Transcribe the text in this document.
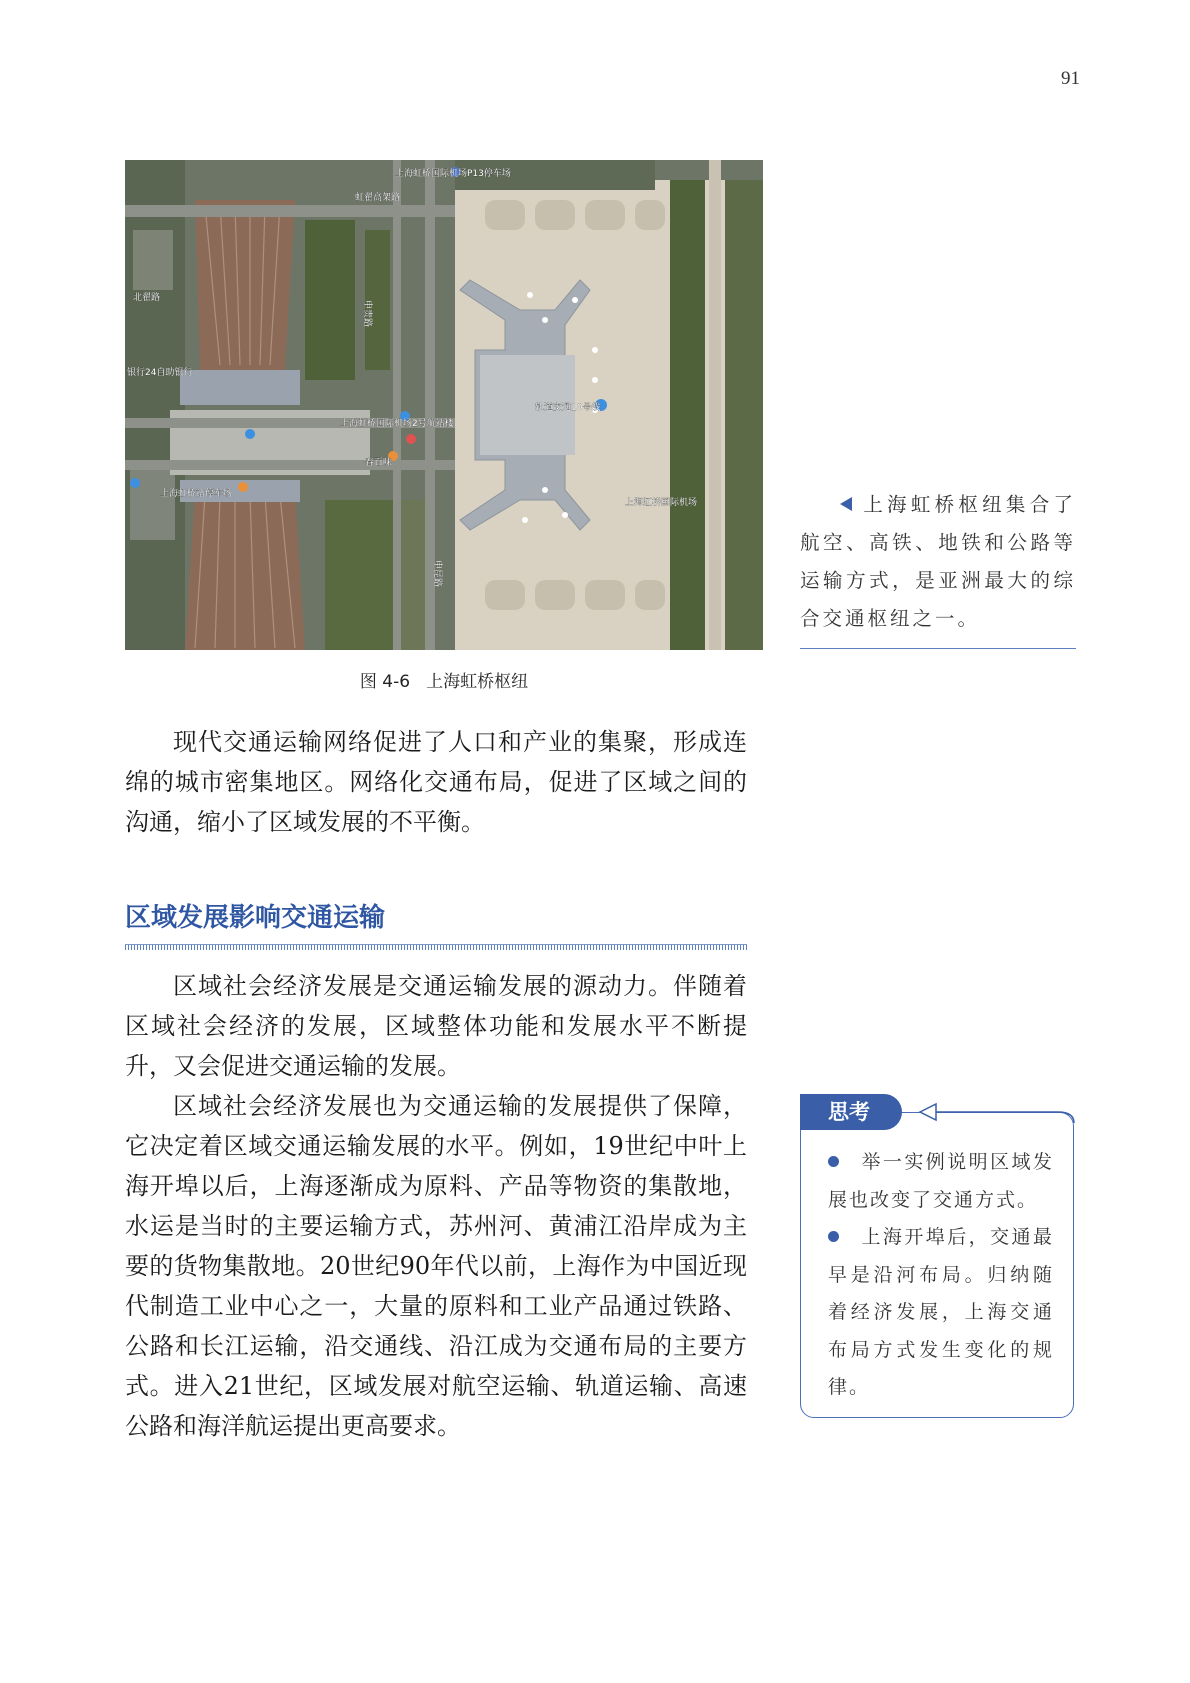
91
上海虹桥国际机场P13停车场
虹翟高架路
北翟路
银行24自助银行
上海虹桥国际机场2号航站楼
轨道交通10号线
上海虹桥国际机场
上海虹桥站停车场
春百味
申贵路
申昆路
图 4-6 上海虹桥枢纽
上海虹桥枢纽集合了航空、高铁、地铁和公路等运输方式，是亚洲最大的综合交通枢纽之一。

现代交通运输网络促进了人口和产业的集聚，形成连绵的城市密集地区。网络化交通布局，促进了区域之间的沟通，缩小了区域发展的不平衡。

区域发展影响交通运输

区域社会经济发展是交通运输发展的源动力。伴随着区域社会经济的发展，区域整体功能和发展水平不断提升，又会促进交通运输的发展。

区域社会经济发展也为交通运输的发展提供了保障，它决定着区域交通运输发展的水平。例如，19世纪中叶上海开埠以后，上海逐渐成为原料、产品等物资的集散地，水运是当时的主要运输方式，苏州河、黄浦江沿岸成为主要的货物集散地。20世纪90年代以前，上海作为中国近现代制造工业中心之一，大量的原料和工业产品通过铁路、公路和长江运输，沿交通线、沿江成为交通布局的主要方式。进入21世纪，区域发展对航空运输、轨道运输、高速公路和海洋航运提出更高要求。

思考

举一实例说明区域发展也改变了交通方式。

上海开埠后，交通最早是沿河布局。归纳随着经济发展，上海交通布局方式发生变化的规律。
